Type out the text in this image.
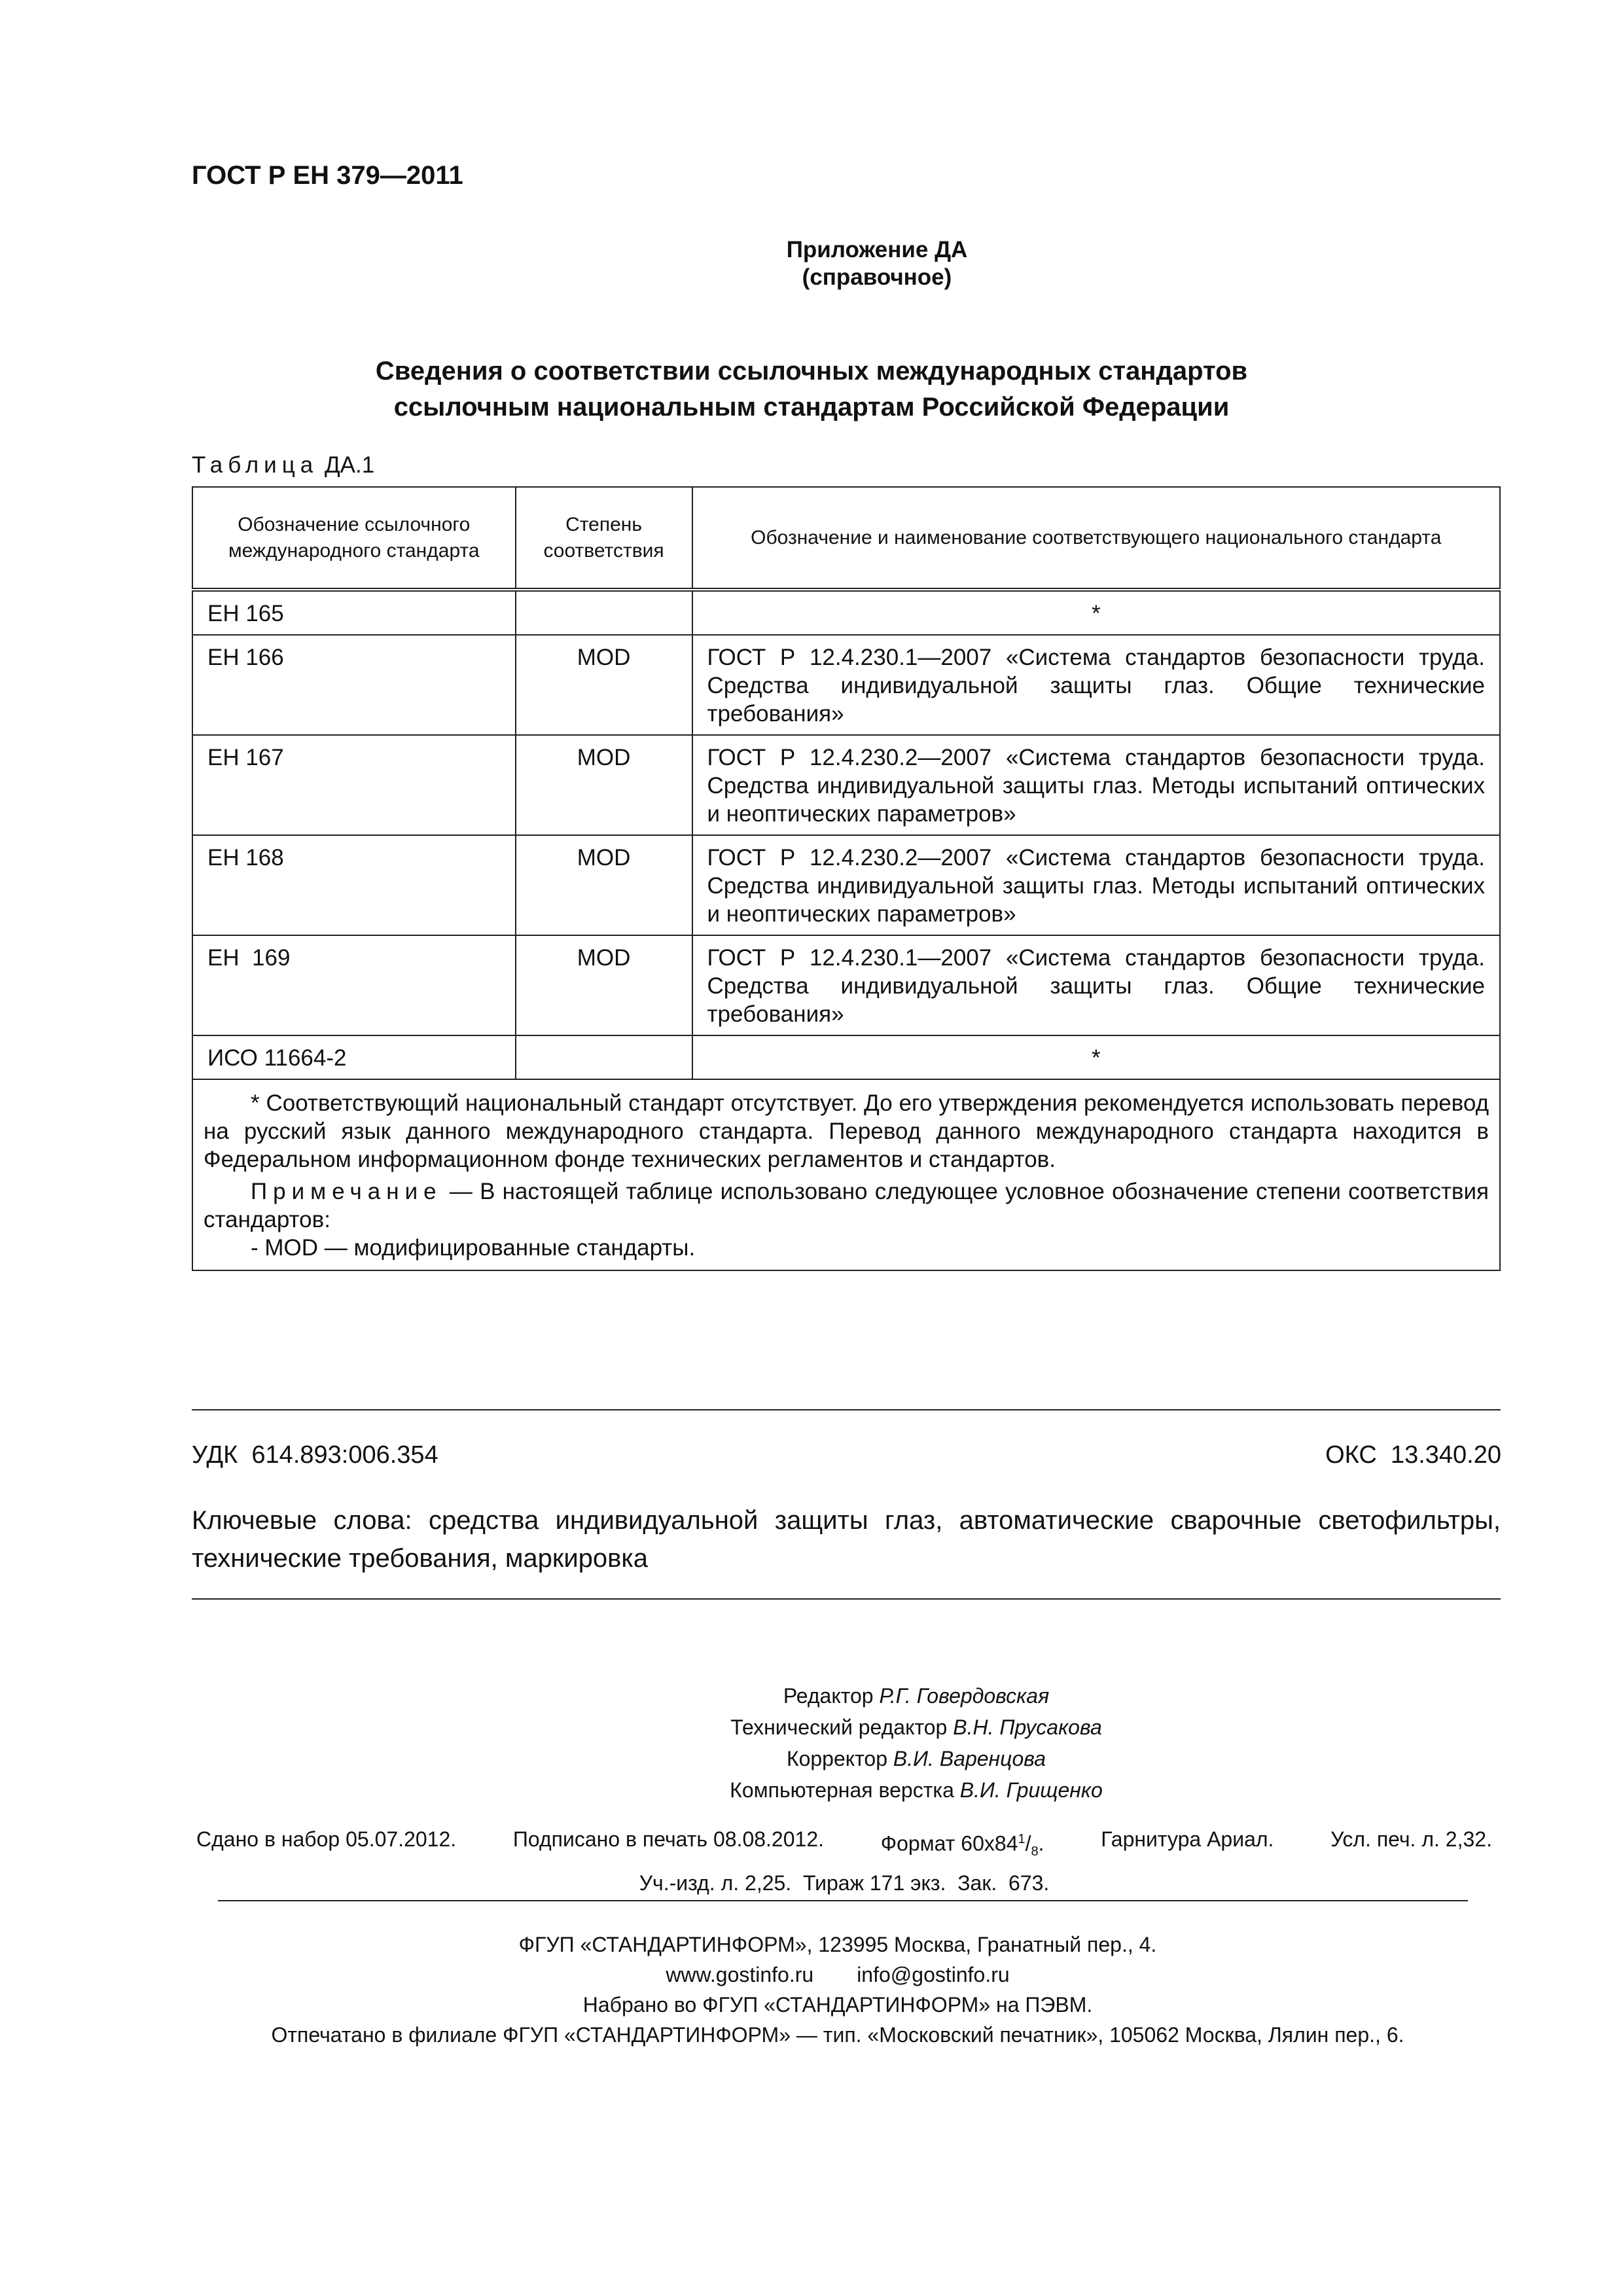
ГОСТ Р ЕН 379—2011
Приложение ДА
(справочное)
Сведения о соответствии ссылочных международных стандартов
ссылочным национальным стандартам Российской Федерации
Таблица ДА.1
Обозначение ссылочного международного стандарта	Степень соответствия	Обозначение и наименование соответствующего национального стандарта
ЕН 165		*
ЕН 166	MOD	ГОСТ Р 12.4.230.1—2007 «Система стандартов безопасности труда. Средства индивидуальной защиты глаз. Общие технические требования»
ЕН 167	MOD	ГОСТ Р 12.4.230.2—2007 «Система стандартов безопасности труда. Средства индивидуальной защиты глаз. Методы испытаний оптических и неоптических параметров»
ЕН 168	MOD	ГОСТ Р 12.4.230.2—2007 «Система стандартов безопасности труда. Средства индивидуальной защиты глаз. Методы испытаний оптических и неоптических параметров»
ЕН  169	MOD	ГОСТ Р 12.4.230.1—2007 «Система стандартов безопасности труда. Средства индивидуальной защиты глаз. Общие технические требования»
ИСО 11664-2		*

* Соответствующий национальный стандарт отсутствует. До его утверждения рекомендуется использовать перевод на русский язык данного международного стандарта. Перевод данного международного стандарта находится в Федеральном информационном фонде технических регламентов и стандартов.

Примечание — В настоящей таблице использовано следующее условное обозначение степени соответствия стандартов:

- MOD — модифицированные стандарты.		

УДК  614.893:006.354	ОКС  13.340.20
Ключевые слова: средства индивидуальной защиты глаз, автоматические сварочные светофильтры, технические требования, маркировка
Редактор Р.Г. Говердовская
Технический редактор В.Н. Прусакова
Корректор В.И. Варенцова
Компьютерная верстка В.И. Грищенко
Сдано в набор 05.07.2012.	Подписано в печать 08.08.2012.	Формат $60x84^1/_8$.	Гарнитура Ариал.	Усл. печ. л. 2,32.
Уч.-изд. л. 2,25.  Тираж 171 экз.  Зак.  673.
ФГУП «СТАНДАРТИНФОРМ», 123995 Москва, Гранатный пер., 4.
www.gostinfo.ru info@gostinfo.ru
Набрано во ФГУП «СТАНДАРТИНФОРМ» на ПЭВМ.
Отпечатано в филиале ФГУП «СТАНДАРТИНФОРМ» — тип. «Московский печатник», 105062 Москва, Лялин пер., 6.
